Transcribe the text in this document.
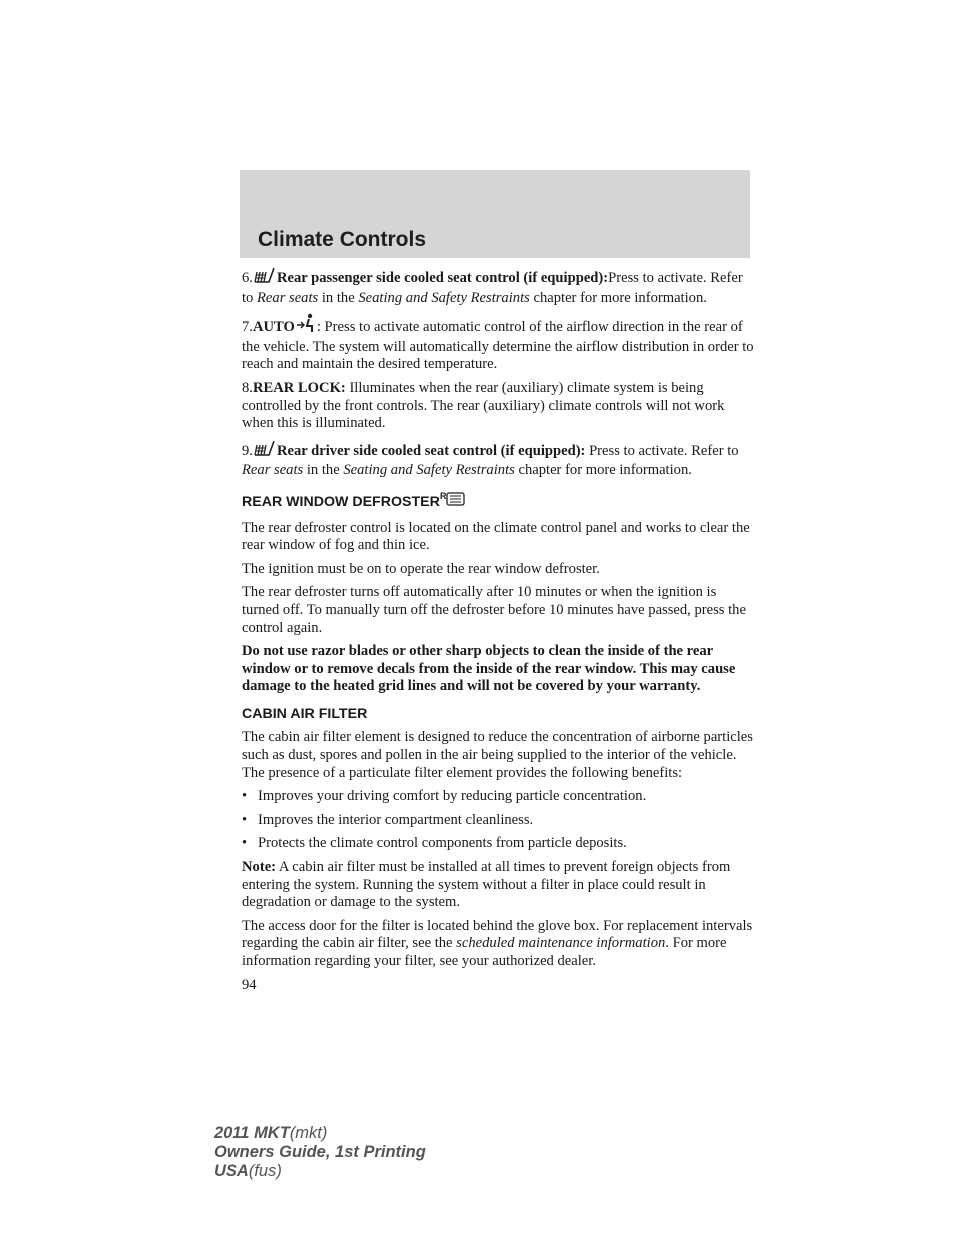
Climate Controls

6. Rear passenger side cooled seat control (if equipped):Press to activate. Refer to Rear seats in the Seating and Safety Restraints chapter for more information.

7.AUTO : Press to activate automatic control of the airflow direction in the rear of the vehicle. The system will automatically determine the airflow distribution in order to reach and maintain the desired temperature.

8.REAR LOCK: Illuminates when the rear (auxiliary) climate system is being controlled by the front controls. The rear (auxiliary) climate controls will not work when this is illuminated.

9. Rear driver side cooled seat control (if equipped): Press to activate. Refer to Rear seats in the Seating and Safety Restraints chapter for more information.

REAR WINDOW DEFROSTER R

The rear defroster control is located on the climate control panel and works to clear the rear window of fog and thin ice.

The ignition must be on to operate the rear window defroster.

The rear defroster turns off automatically after 10 minutes or when the ignition is turned off. To manually turn off the defroster before 10 minutes have passed, press the control again.

Do not use razor blades or other sharp objects to clean the inside of the rear window or to remove decals from the inside of the rear window. This may cause damage to the heated grid lines and will not be covered by your warranty.

CABIN AIR FILTER

The cabin air filter element is designed to reduce the concentration of airborne particles such as dust, spores and pollen in the air being supplied to the interior of the vehicle. The presence of a particulate filter element provides the following benefits:

• Improves your driving comfort by reducing particle concentration.
• Improves the interior compartment cleanliness.
• Protects the climate control components from particle deposits.

Note: A cabin air filter must be installed at all times to prevent foreign objects from entering the system. Running the system without a filter in place could result in degradation or damage to the system.

The access door for the filter is located behind the glove box. For replacement intervals regarding the cabin air filter, see the scheduled maintenance information. For more information regarding your filter, see your authorized dealer.

94
2011 MKT(mkt)
Owners Guide, 1st Printing
USA(fus)
